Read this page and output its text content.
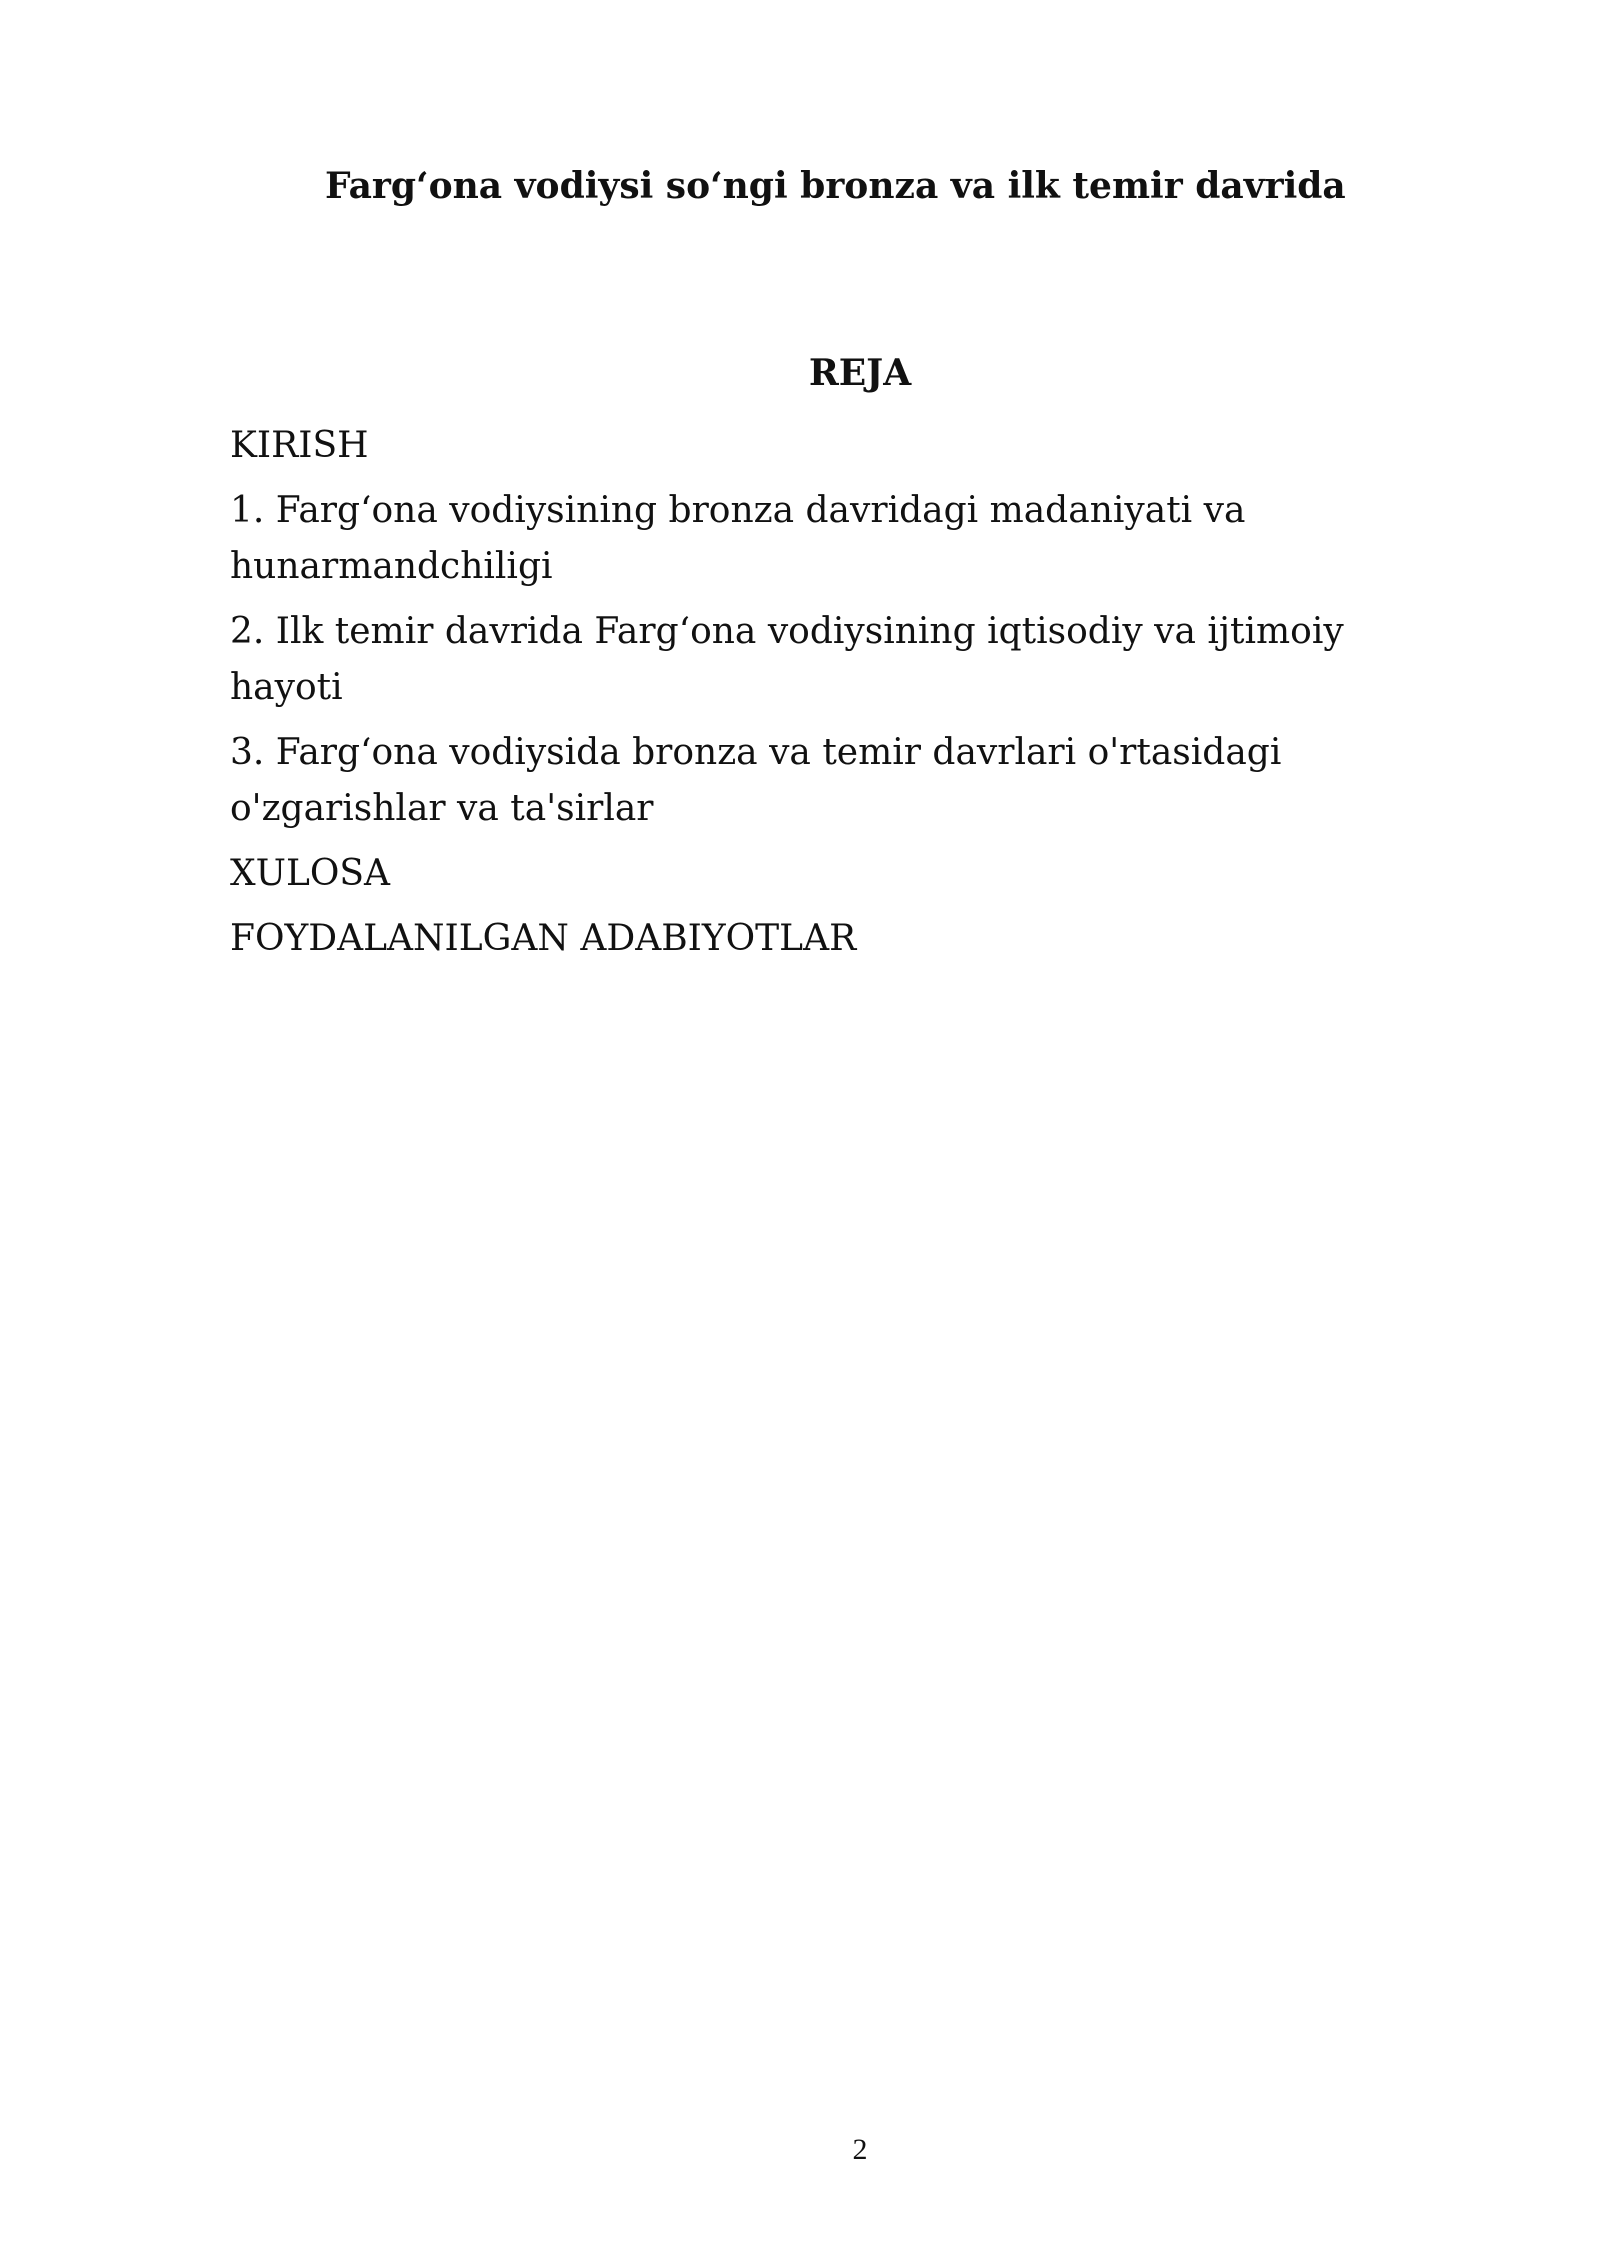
Farg‘ona vodiysi so‘ngi bronza va ilk temir davrida
REJA
KIRISH
1. Farg‘ona vodiysining bronza davridagi madaniyati va hunarmandchiligi
2. Ilk temir davrida Farg‘ona vodiysining iqtisodiy va ijtimoiy hayoti
3. Farg‘ona vodiysida bronza va temir davrlari o'rtasidagi o'zgarishlar va ta'sirlar
XULOSA
FOYDALANILGAN ADABIYOTLAR
2
